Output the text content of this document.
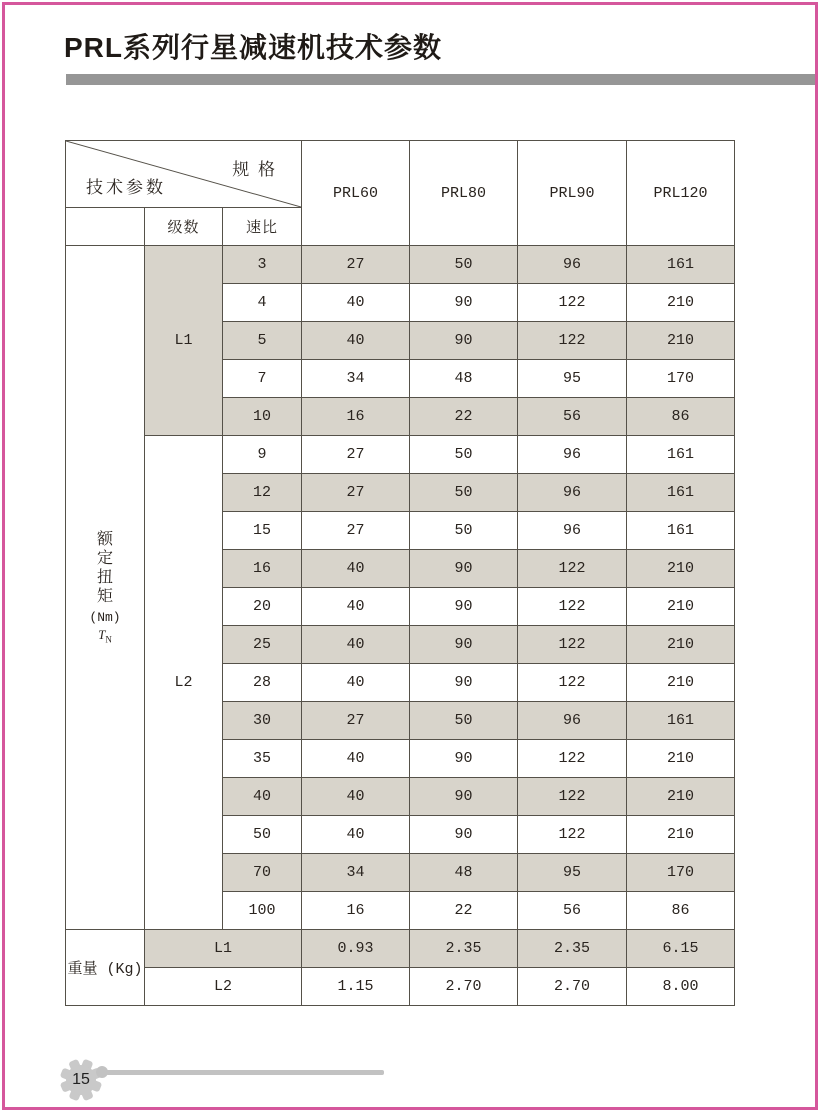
PRL系列行星减速机技术参数
规 格
技术参数			PRL60	PRL80	PRL90	PRL120
	级数	速比				

额
定
扭
矩
(Nm)
$T_N$
	L1	3	27	50	96	161
		4	40	90	122	210
		5	40	90	122	210
		7	34	48	95	170
		10	16	22	56	86
	L2	9	27	50	96	161
		12	27	50	96	161
		15	27	50	96	161
		16	40	90	122	210
		20	40	90	122	210
		25	40	90	122	210
		28	40	90	122	210
		30	27	50	96	161
		35	40	90	122	210
		40	40	90	122	210
		50	40	90	122	210
		70	34	48	95	170
		100	16	22	56	86
重量 (Kg)	L1		0.93	2.35	2.35	6.15
	L2		1.15	2.70	2.70	8.00
15
